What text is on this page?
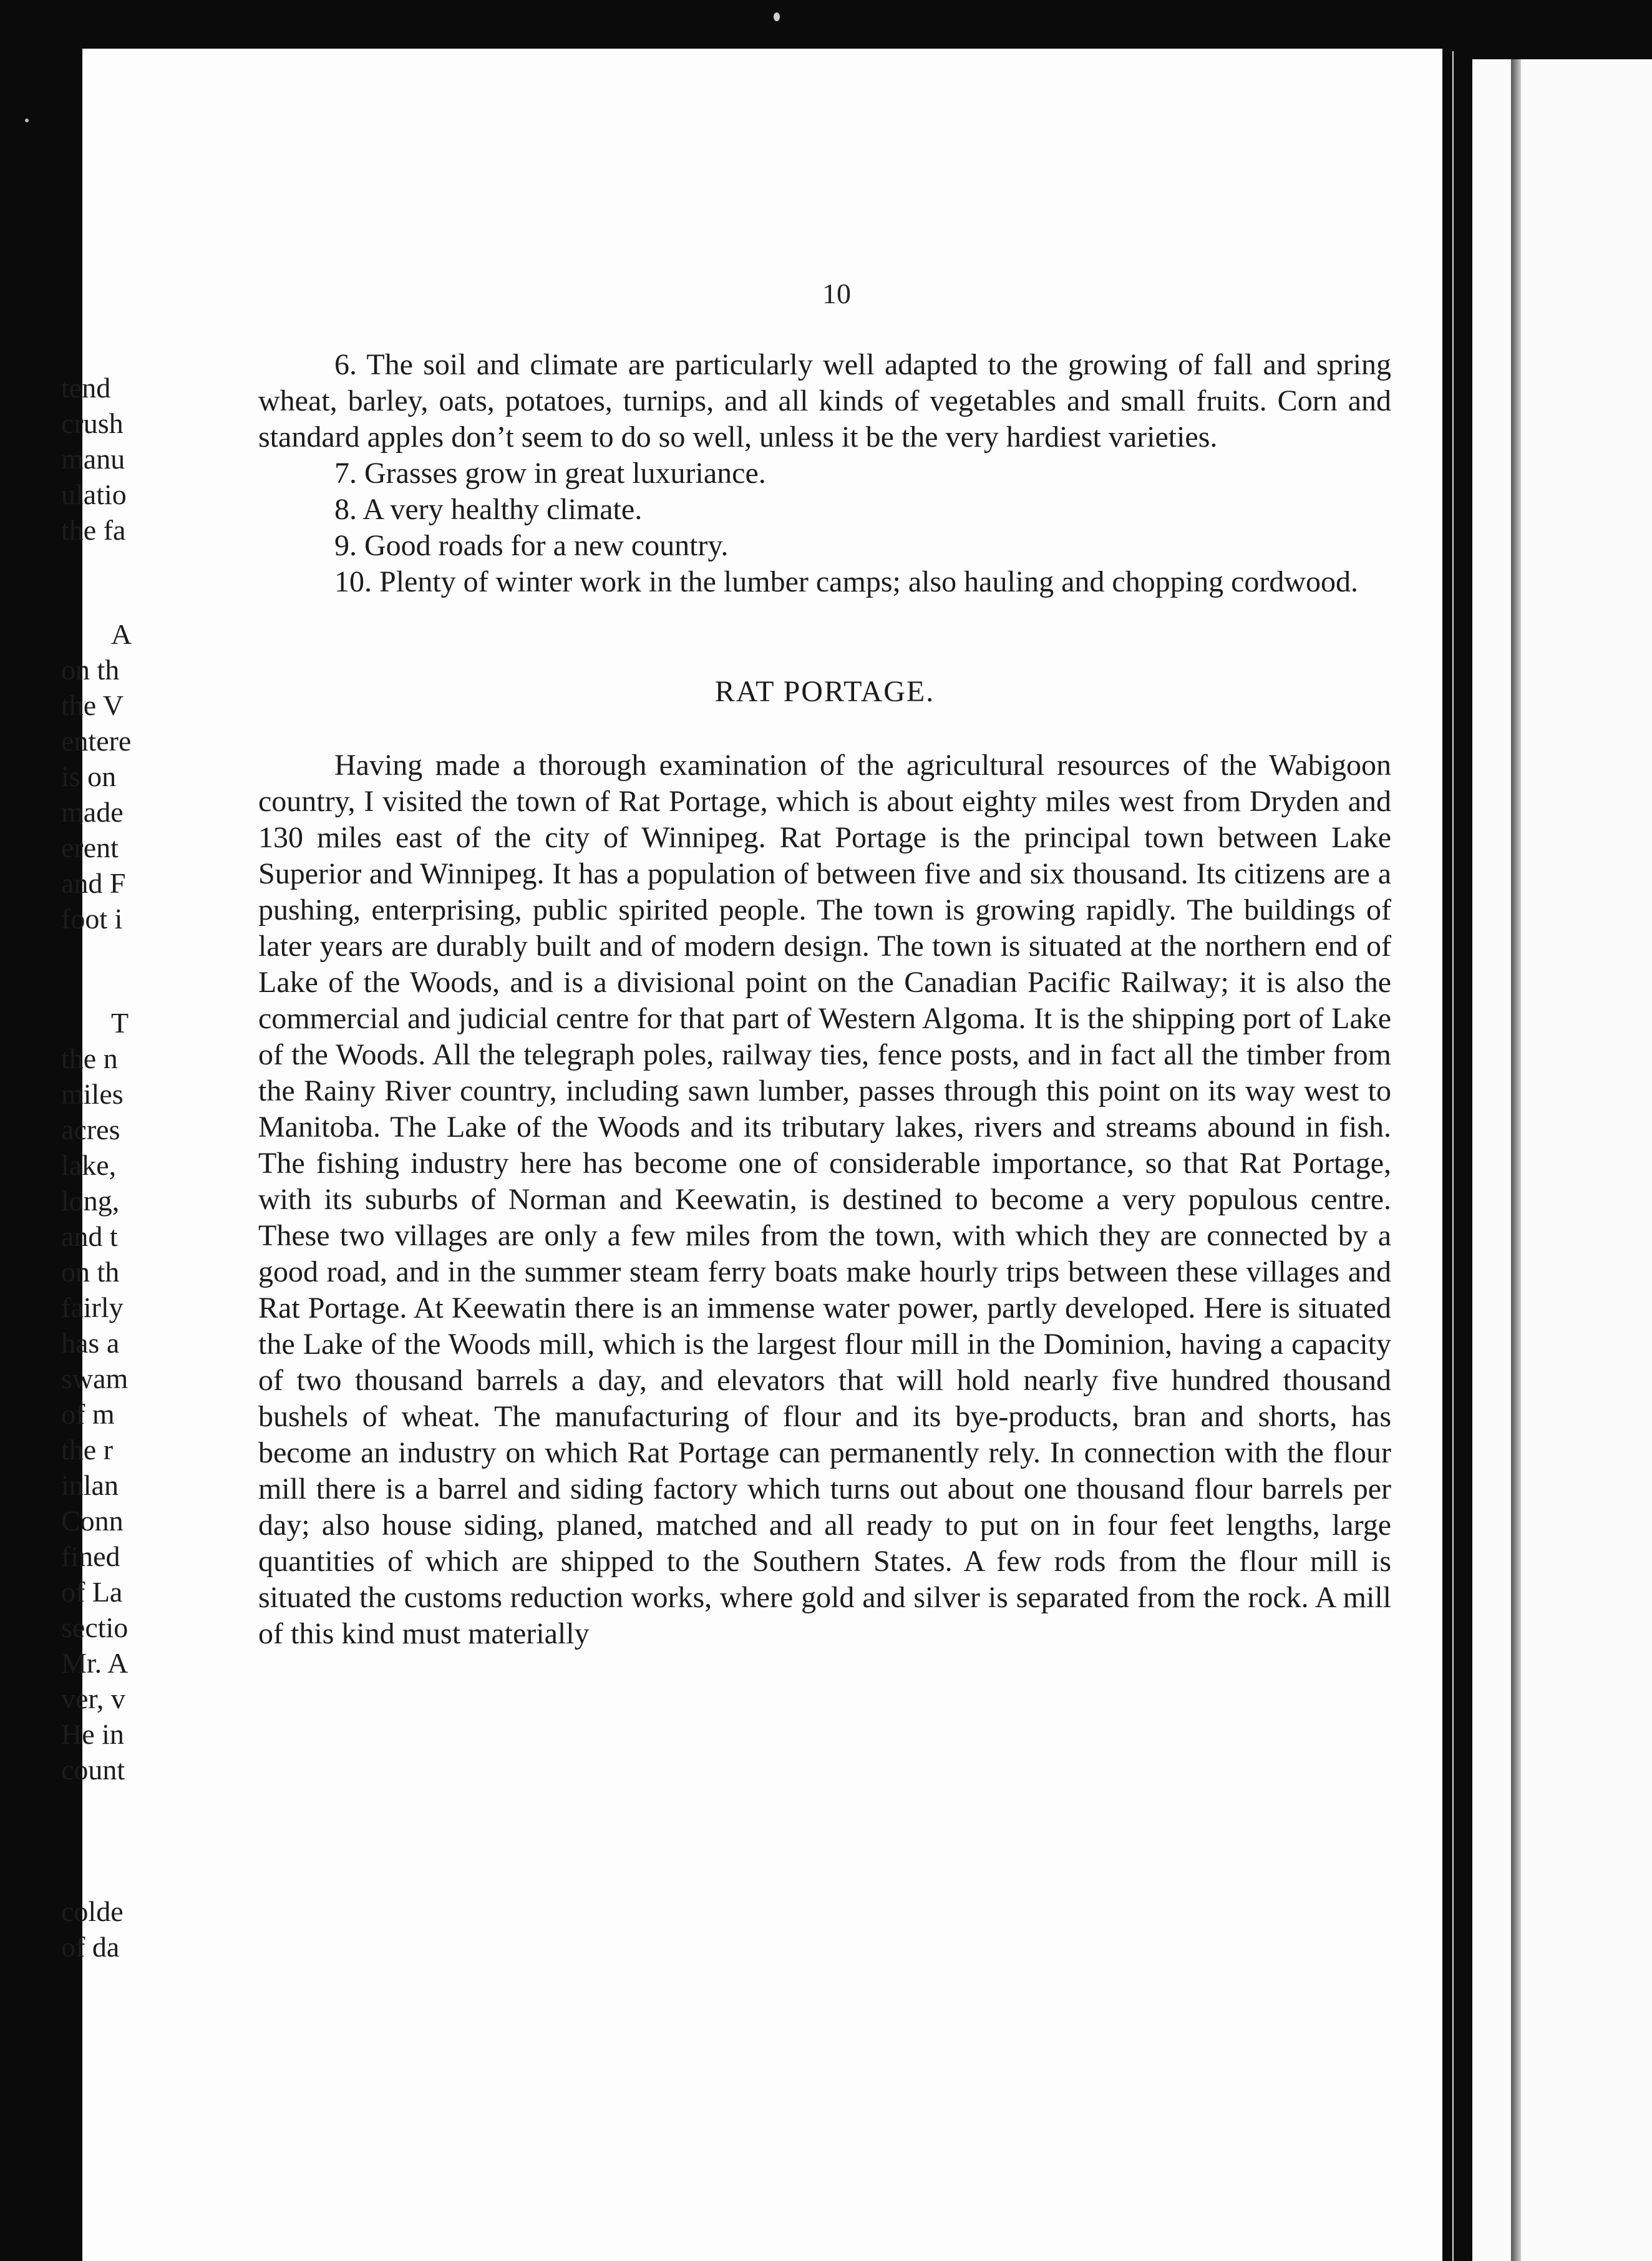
10

6. The soil and climate are particularly well adapted to the growing of fall and spring wheat, barley, oats, potatoes, turnips, and all kinds of vegetables and small fruits. Corn and standard apples don’t seem to do so well, unless it be the very hardiest varieties.

7. Grasses grow in great luxuriance.

8. A very healthy climate.

9. Good roads for a new country.

10. Plenty of winter work in the lumber camps; also hauling and chopping cordwood.

RAT PORTAGE.

Having made a thorough examination of the agricultural resources of the Wabigoon country, I visited the town of Rat Portage, which is about eighty miles west from Dryden and 130 miles east of the city of Winnipeg. Rat Portage is the principal town between Lake Superior and Winnipeg. It has a population of between five and six thousand. Its citizens are a pushing, enterprising, public spirited people. The town is growing rapidly. The buildings of later years are durably built and of modern design. The town is situated at the northern end of Lake of the Woods, and is a divisional point on the Canadian Pacific Railway; it is also the commercial and judicial centre for that part of Western Algoma. It is the shipping port of Lake of the Woods. All the telegraph poles, railway ties, fence posts, and in fact all the timber from the Rainy River country, including sawn lumber, passes through this point on its way west to Manitoba. The Lake of the Woods and its tributary lakes, rivers and streams abound in fish. The fishing industry here has become one of considerable importance, so that Rat Portage, with its suburbs of Norman and Keewatin, is destined to become a very populous centre. These two villages are only a few miles from the town, with which they are connected by a good road, and in the summer steam ferry boats make hourly trips between these villages and Rat Portage. At Keewatin there is an immense water power, partly developed. Here is situated the Lake of the Woods mill, which is the largest flour mill in the Dominion, having a capacity of two thousand barrels a day, and elevators that will hold nearly five hundred thousand bushels of wheat. The manufacturing of flour and its bye-products, bran and shorts, has become an industry on which Rat Portage can permanently rely. In connection with the flour mill there is a barrel and siding factory which turns out about one thousand flour barrels per day; also house siding, planed, matched and all ready to put on in four feet lengths, large quantities of which are shipped to the Southern States. A few rods from the flour mill is situated the customs reduction works, where gold and silver is separated from the rock. A mill of this kind must materially

tend
crush
manu
ulatio
the fa
A
on th
the V
entere
is on
made
erent
and F
foot i
T
the n
miles
acres
lake,
long,
and t
on th
fairly
has a
swam
of m
the r
inlan
Conn
fined
of La
sectio
Mr. A
ver, v
He in
count
colde
of da
